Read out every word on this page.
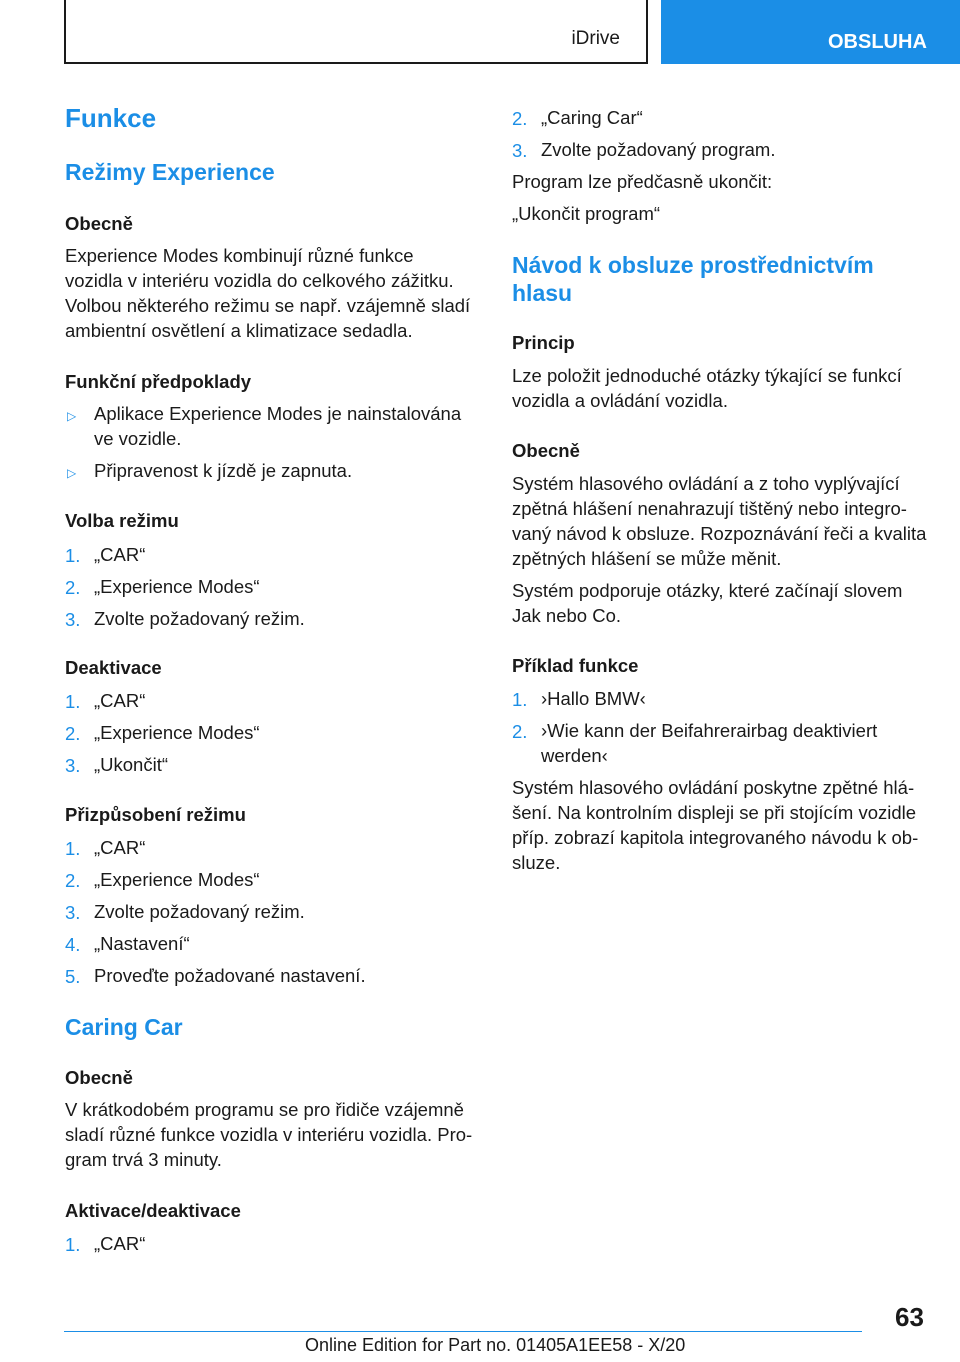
iDrive	OBSLUHA
Funkce
Režimy Experience
Obecně
Experience Modes kombinují různé funkce
vozidla v interiéru vozidla do celkového zážitku.
Volbou některého režimu se např. vzájemně sladí
ambientní osvětlení a klimatizace sedadla.
Funkční předpoklady
▷ Aplikace Experience Modes je nainstalována
ve vozidle.
▷ Připravenost k jízdě je zapnuta.
Volba režimu
1. „CAR“
2. „Experience Modes“
3. Zvolte požadovaný režim.
Deaktivace
1. „CAR“
2. „Experience Modes“
3. „Ukončit“
Přizpůsobení režimu
1. „CAR“
2. „Experience Modes“
3. Zvolte požadovaný režim.
4. „Nastavení“
5. Proveďte požadované nastavení.
Caring Car
Obecně
V krátkodobém programu se pro řidiče vzájemně
sladí různé funkce vozidla v interiéru vozidla. Pro-
gram trvá 3 minuty.
Aktivace/deaktivace
1. „CAR“
2. „Caring Car“
3. Zvolte požadovaný program.
Program lze předčasně ukončit:
„Ukončit program“
Návod k obsluze prostřednictvím
hlasu
Princip
Lze položit jednoduché otázky týkající se funkcí
vozidla a ovládání vozidla.
Obecně
Systém hlasového ovládání a z toho vyplývající
zpětná hlášení nenahrazují tištěný nebo integro-
vaný návod k obsluze. Rozpoznávání řeči a kvalita
zpětných hlášení se může měnit.
Systém podporuje otázky, které začínají slovem
Jak nebo Co.
Příklad funkce
1. ›Hallo BMW‹
2. ›Wie kann der Beifahrerairbag deaktiviert
werden‹
Systém hlasového ovládání poskytne zpětné hlá-
šení. Na kontrolním displeji se při stojícím vozidle
příp. zobrazí kapitola integrovaného návodu k ob-
sluze.
63
Online Edition for Part no. 01405A1EE58 - X/20
